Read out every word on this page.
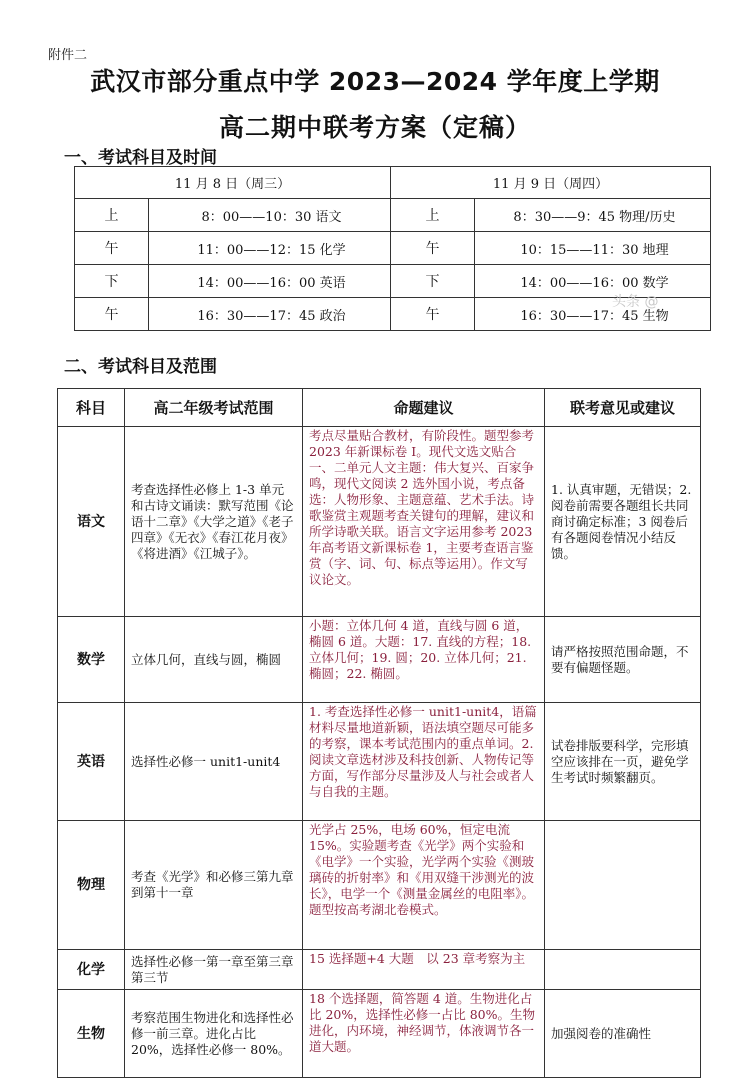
附件二
武汉市部分重点中学 2023—2024 学年度上学期
高二期中联考方案（定稿）
一、考试科目及时间
11 月 8 日（周三）		11 月 9 日（周四）	
上	8：00——10：30 语文	上	8：30——9：45 物理/历史
午	11：00——12：15 化学	午	10：15——11：30 地理
下	14：00——16：00 英语	下	14：00——16：00 数学
午	16：30——17：45 政治	午	16：30——17：45 生物
头条 @
二、考试科目及范围
科目	高二年级考试范围	命题建议	联考意见或建议
语文	考查选择性必修上 1-3 单元和古诗文诵读：默写范围《论语十二章》《大学之道》《老子四章》《无衣》《春江花月夜》《将进酒》《江城子》。	考点尽量贴合教材，有阶段性。题型参考 2023 年新课标卷 I。现代文选文贴合一、二单元人文主题：伟大复兴、百家争鸣，现代文阅读 2 选外国小说，考点备选：人物形象、主题意蕴、艺术手法。诗歌鉴赏主观题考查关键句的理解，建议和所学诗歌关联。语言文字运用参考 2023 年高考语文新课标卷 1，主要考查语言鉴赏（字、词、句、标点等运用）。作文写议论文。	1. 认真审题，无错误；2. 阅卷前需要各题组长共同商讨确定标准；3 阅卷后有各题阅卷情况小结反馈。
数学	立体几何，直线与圆，椭圆	小题：立体几何 4 道，直线与圆 6 道，椭圆 6 道。大题：17. 直线的方程；18. 立体几何；19. 圆；20. 立体几何；21. 椭圆；22. 椭圆。	请严格按照范围命题，不要有偏题怪题。
英语	选择性必修一 unit1-unit4	1. 考查选择性必修一 unit1-unit4，语篇材料尽量地道新颖，语法填空题尽可能多的考察，课本考试范围内的重点单词。2. 阅读文章选材涉及科技创新、人物传记等方面，写作部分尽量涉及人与社会或者人与自我的主题。	试卷排版要科学，完形填空应该排在一页，避免学生考试时频繁翻页。
物理	考查《光学》和必修三第九章到第十一章	光学占 25%，电场 60%，恒定电流 15%。实验题考查《光学》两个实验和《电学》一个实验，光学两个实验《测玻璃砖的折射率》和《用双缝干涉测光的波长》，电学一个《测量金属丝的电阻率》。题型按高考湖北卷模式。	
化学	选择性必修一第一章至第三章第三节	15 选择题+4 大题　以 23 章考察为主	
生物	考察范围生物进化和选择性必修一前三章。进化占比 20%，选择性必修一 80%。	18 个选择题，简答题 4 道。生物进化占比 20%，选择性必修一占比 80%。生物进化，内环境，神经调节，体液调节各一道大题。	加强阅卷的准确性
